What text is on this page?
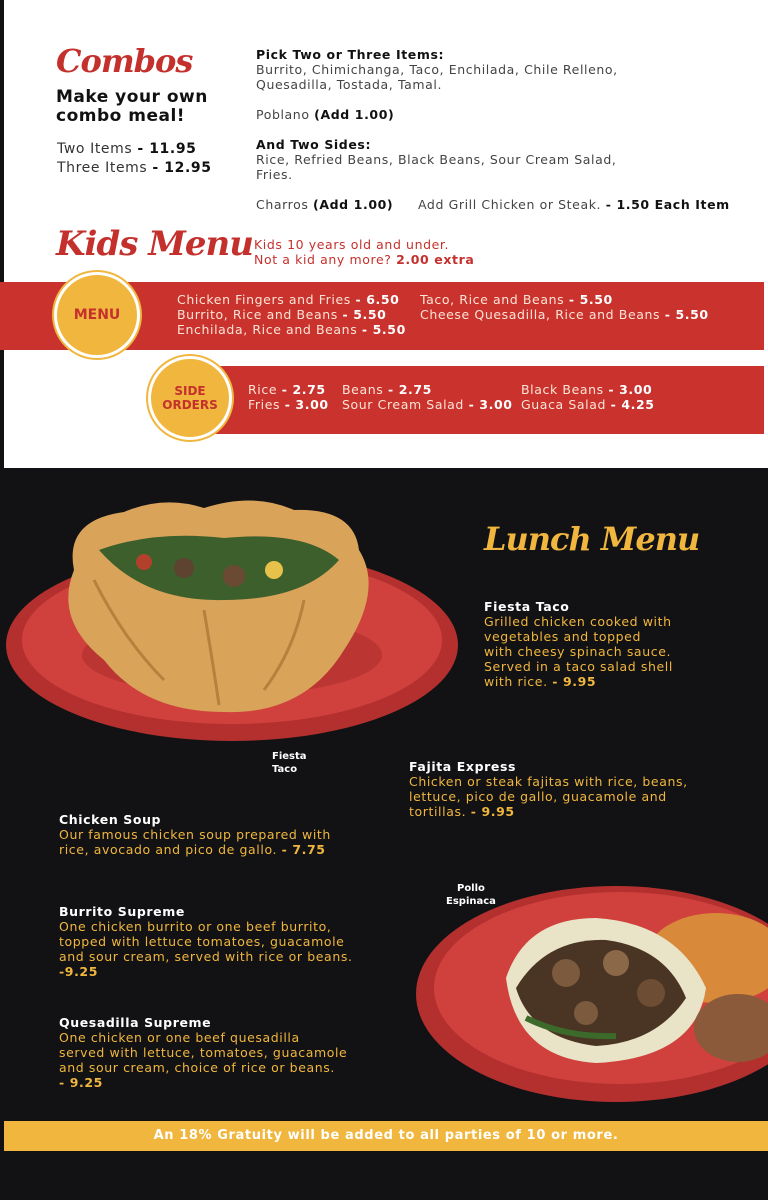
Combos
Make your own combo meal!
Two Items - 11.95
Three Items - 12.95
Pick Two or Three Items:
Burrito, Chimichanga, Taco, Enchilada, Chile Relleno, Quesadilla, Tostada, Tamal.
Poblano (Add 1.00)
And Two Sides:
Rice, Refried Beans, Black Beans, Sour Cream Salad, Fries.
Charros (Add 1.00) Add Grill Chicken or Steak. - 1.50 Each Item
Kids Menu Kids 10 years old and under.
Not a kid any more? 2.00 extra
MENU
Chicken Fingers and Fries - 6.50
Burrito, Rice and Beans - 5.50
Enchilada, Rice and Beans - 5.50
Taco, Rice and Beans - 5.50
Cheese Quesadilla, Rice and Beans - 5.50
SIDE
ORDERS
Rice - 2.75
Fries - 3.00
Beans - 2.75
Sour Cream Salad - 3.00
Black Beans - 3.00
Guaca Salad - 4.25
Fiesta
Taco
Lunch Menu
Fiesta Taco
Grilled chicken cooked with
vegetables and topped
with cheesy spinach sauce.
Served in a taco salad shell
with rice. - 9.95
Fajita Express
Chicken or steak fajitas with rice, beans,
lettuce, pico de gallo, guacamole and
tortillas. - 9.95
Chicken Soup
Our famous chicken soup prepared with
rice, avocado and pico de gallo. - 7.75
Burrito Supreme
One chicken burrito or one beef burrito,
topped with lettuce tomatoes, guacamole
and sour cream, served with rice or beans.
-9.25
Quesadilla Supreme
One chicken or one beef quesadilla
served with lettuce, tomatoes, guacamole
and sour cream, choice of rice or beans.
- 9.25
Pollo
Espinaca
An 18% Gratuity will be added to all parties of 10 or more.
